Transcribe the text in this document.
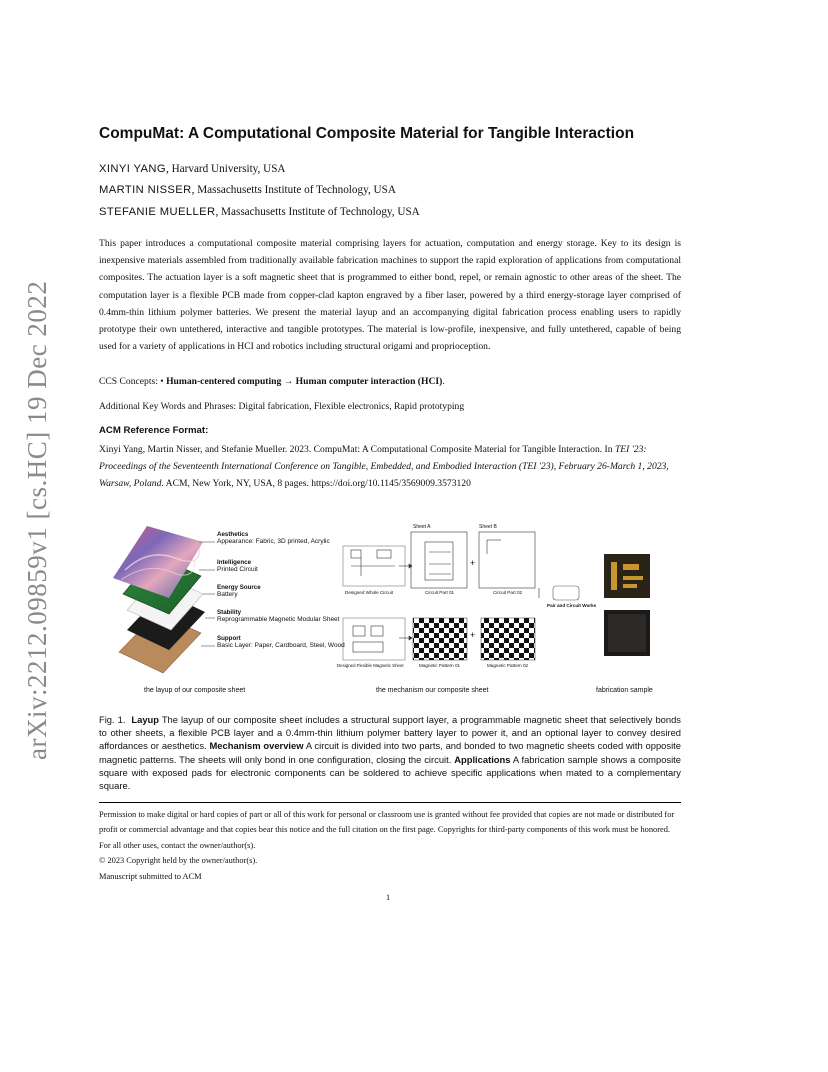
arXiv:2212.09859v1 [cs.HC] 19 Dec 2022
CompuMat: A Computational Composite Material for Tangible Interaction
XINYI YANG, Harvard University, USA
MARTIN NISSER, Massachusetts Institute of Technology, USA
STEFANIE MUELLER, Massachusetts Institute of Technology, USA
This paper introduces a computational composite material comprising layers for actuation, computation and energy storage. Key to its design is inexpensive materials assembled from traditionally available fabrication machines to support the rapid exploration of applications from computational composites. The actuation layer is a soft magnetic sheet that is programmed to either bond, repel, or remain agnostic to other areas of the sheet. The computation layer is a flexible PCB made from copper-clad kapton engraved by a fiber laser, powered by a third energy-storage layer comprised of 0.4mm-thin lithium polymer batteries. We present the material layup and an accompanying digital fabrication process enabling users to rapidly prototype their own untethered, interactive and tangible prototypes. The material is low-profile, inexpensive, and fully untethered, capable of being used for a variety of applications in HCI and robotics including structural origami and proprioception.
CCS Concepts: • Human-centered computing → Human computer interaction (HCI).
Additional Key Words and Phrases: Digital fabrication, Flexible electronics, Rapid prototyping
ACM Reference Format:
Xinyi Yang, Martin Nisser, and Stefanie Mueller. 2023. CompuMat: A Computational Composite Material for Tangible Interaction. In TEI '23: Proceedings of the Seventeenth International Conference on Tangible, Embedded, and Embodied Interaction (TEI '23), February 26-March 1, 2023, Warsaw, Poland. ACM, New York, NY, USA, 8 pages. https://doi.org/10.1145/3569009.3573120
Aesthetics
Appearance: Fabric, 3D printed, Acrylic
Intelligence
Printed Circuit
Energy Source
Battery
Stability
Reprogrammable Magnetic Modular Sheet
Support
Basic Layer: Paper, Cardboard, Steel, Wood
Sheet A	Sheet B
+
+
Designed Whole Circuit	Circuit Part 01	Circuit Part 02
Pair and Circuit Works
Designed Flexible Magnetic Sheet	Magnetic Pattern 01	Magnetic Pattern 02
the layup of our composite sheet	the mechanism our composite sheet	fabrication sample
Fig. 1. Layup The layup of our composite sheet includes a structural support layer, a programmable magnetic sheet that selectively bonds to other sheets, a flexible PCB layer and a 0.4mm-thin lithium polymer battery layer to power it, and an optional layer to convey desired affordances or aesthetics. Mechanism overview A circuit is divided into two parts, and bonded to two magnetic sheets coded with opposite magnetic patterns. The sheets will only bond in one configuration, closing the circuit. Applications A fabrication sample shows a composite square with exposed pads for electronic components can be soldered to achieve specific applications when mated to a complementary square.
Permission to make digital or hard copies of part or all of this work for personal or classroom use is granted without fee provided that copies are not made or distributed for profit or commercial advantage and that copies bear this notice and the full citation on the first page. Copyrights for third-party components of this work must be honored. For all other uses, contact the owner/author(s).
© 2023 Copyright held by the owner/author(s).
Manuscript submitted to ACM
1
